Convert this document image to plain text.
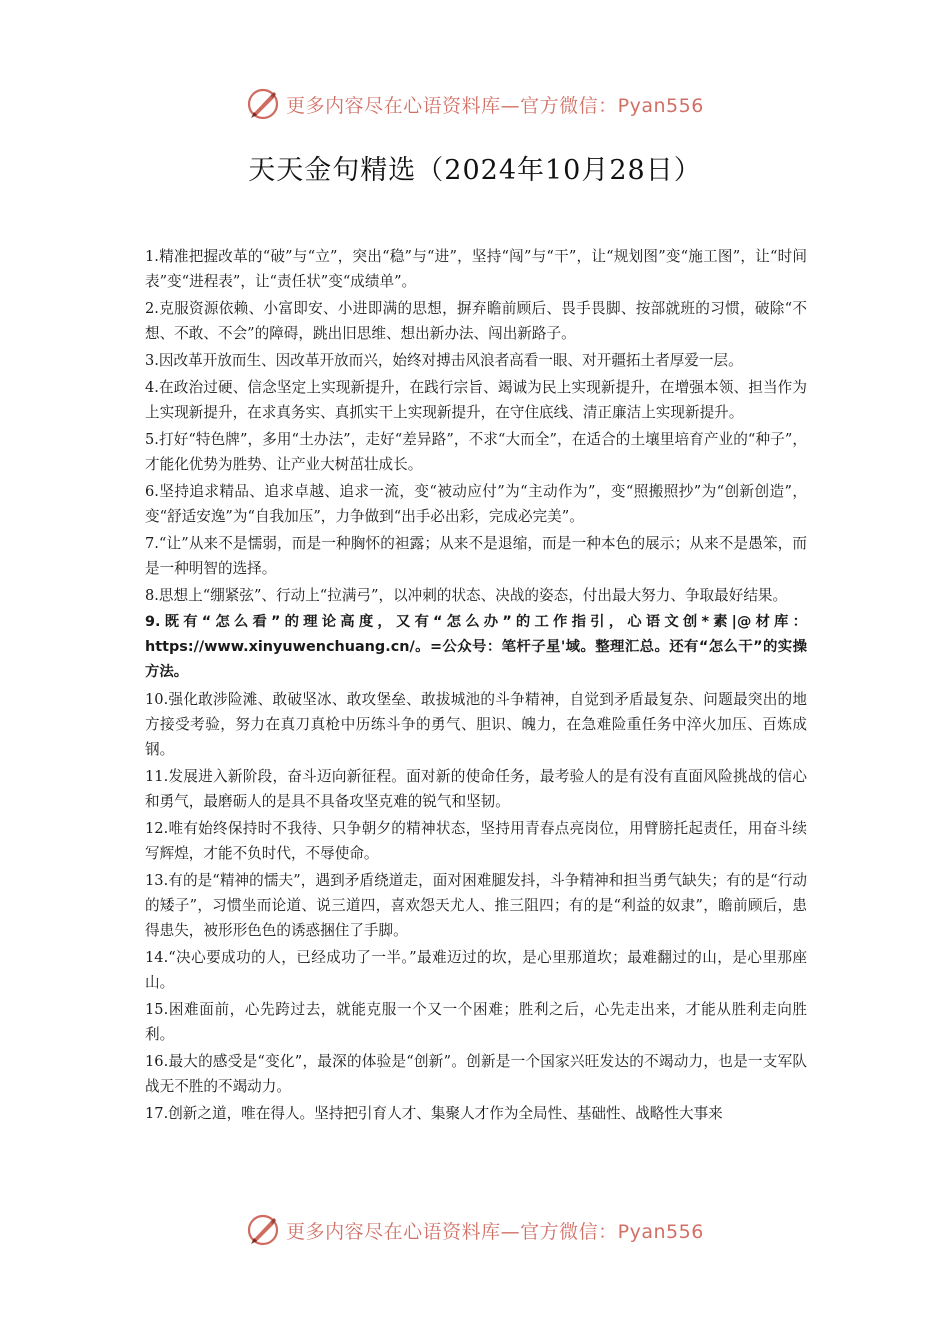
更多内容尽在心语资料库—官方微信：Pyan556
天天金句精选（2024年10月28日）

1.精准把握改革的“破”与“立”，突出“稳”与“进”，坚持“闯”与“干”，让“规划图”变“施工图”，让“时间表”变“进程表”，让“责任状”变“成绩单”。

2.克服资源依赖、小富即安、小进即满的思想，摒弃瞻前顾后、畏手畏脚、按部就班的习惯，破除“不想、不敢、不会”的障碍，跳出旧思维、想出新办法、闯出新路子。

3.因改革开放而生、因改革开放而兴，始终对搏击风浪者高看一眼、对开疆拓土者厚爱一层。

4.在政治过硬、信念坚定上实现新提升，在践行宗旨、竭诚为民上实现新提升，在增强本领、担当作为上实现新提升，在求真务实、真抓实干上实现新提升，在守住底线、清正廉洁上实现新提升。

5.打好“特色牌”，多用“土办法”，走好“差异路”，不求“大而全”，在适合的土壤里培育产业的“种子”，才能化优势为胜势、让产业大树茁壮成长。

6.坚持追求精品、追求卓越、追求一流，变“被动应付”为“主动作为”，变“照搬照抄”为“创新创造”，变“舒适安逸”为“自我加压”，力争做到“出手必出彩，完成必完美”。

7.“让”从来不是懦弱，而是一种胸怀的袒露；从来不是退缩，而是一种本色的展示；从来不是愚笨，而是一种明智的选择。

8.思想上“绷紧弦”、行动上“拉满弓”，以冲刺的状态、决战的姿态，付出最大努力、争取最好结果。

9.既有“怎么看”的理论高度，又有“怎么办”的工作指引，心语文创*素|@材库：https://www.xinyuwenchuang.cn/。=公众号：笔杆子星'域。整理汇总。还有“怎么干”的实操方法。

10.强化敢涉险滩、敢破坚冰、敢攻堡垒、敢拔城池的斗争精神，自觉到矛盾最复杂、问题最突出的地方接受考验，努力在真刀真枪中历练斗争的勇气、胆识、魄力，在急难险重任务中淬火加压、百炼成钢。

11.发展进入新阶段，奋斗迈向新征程。面对新的使命任务，最考验人的是有没有直面风险挑战的信心和勇气，最磨砺人的是具不具备攻坚克难的锐气和坚韧。

12.唯有始终保持时不我待、只争朝夕的精神状态，坚持用青春点亮岗位，用臂膀托起责任，用奋斗续写辉煌，才能不负时代，不辱使命。

13.有的是“精神的懦夫”，遇到矛盾绕道走，面对困难腿发抖，斗争精神和担当勇气缺失；有的是“行动的矮子”，习惯坐而论道、说三道四，喜欢怨天尤人、推三阻四；有的是“利益的奴隶”，瞻前顾后，患得患失，被形形色色的诱惑捆住了手脚。

14.“决心要成功的人，已经成功了一半。”最难迈过的坎，是心里那道坎；最难翻过的山，是心里那座山。

15.困难面前，心先跨过去，就能克服一个又一个困难；胜利之后，心先走出来，才能从胜利走向胜利。

16.最大的感受是“变化”，最深的体验是“创新”。创新是一个国家兴旺发达的不竭动力，也是一支军队战无不胜的不竭动力。

17.创新之道，唯在得人。坚持把引育人才、集聚人才作为全局性、基础性、战略性大事来

更多内容尽在心语资料库—官方微信：Pyan556
